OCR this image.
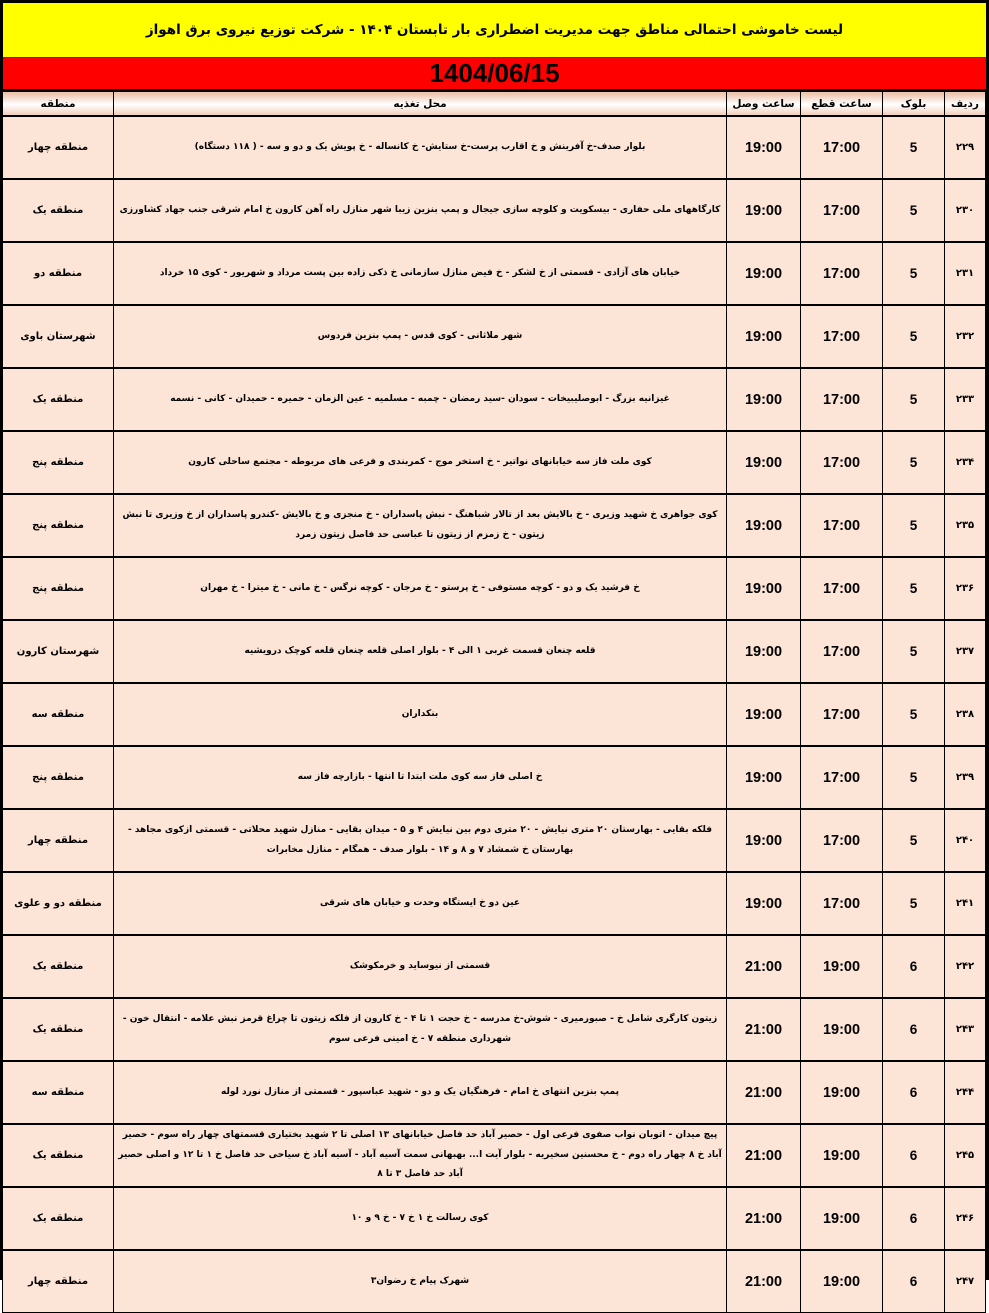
لیست خاموشی احتمالی مناطق جهت مدیریت اضطراری بار تابستان ۱۴۰۴ - شرکت توزیع نیروی برق اهواز
1404/06/15
ردیف	بلوک	ساعت قطع	ساعت وصل	محل تغذیه	منطقه
۲۲۹	5	17:00	19:00	بلوار صدف-خ آفرینش و خ اقارب پرست-خ ستایش- خ کانساله - خ پویش یک و دو و سه - ( ۱۱۸ دستگاه)	منطقه چهار
۲۳۰	5	17:00	19:00	کارگاههای ملی حفاری - بیسکویت و کلوچه سازی جیجال و پمپ بنزین زیبا شهر منازل راه آهن کارون خ امام شرقی جنب جهاد کشاورزی	منطقه یک
۲۳۱	5	17:00	19:00	خیابان های آزادی - قسمتی از خ لشکر - خ فیض منازل سازمانی خ ذکی زاده بین پست مرداد و شهریور - کوی ۱۵ خرداد	منطقه دو
۲۳۲	5	17:00	19:00	شهر ملاثانی - کوی قدس - پمپ بنزین فردوس	شهرستان باوی
۲۳۳	5	17:00	19:00	غیزانیه بزرگ - ابوصلیبیخات - سودان -سید رمضان - چمبه - مسلمیه - عین الزمان - حمیره - حمیدان - کانی - نسمه	منطقه یک
۲۳۴	5	17:00	19:00	کوی ملت فاز سه خیابانهای نواتیر - خ استخر موج - کمربندی و فرعی های مربوطه - مجتمع ساحلی کارون	منطقه پنج
۲۳۵	5	17:00	19:00	کوی جواهری خ شهید وزیری - خ بالایش بعد از تالار شباهنگ - نبش پاسداران - خ منجزی و خ بالایش -کندرو پاسداران از خ وزیری تا نبش زیتون - خ زمزم از زیتون تا عباسی حد فاصل زیتون زمرد	منطقه پنج
۲۳۶	5	17:00	19:00	خ فرشید یک و دو - کوچه مستوفی - خ پرستو - خ مرجان - کوچه نرگس - خ مانی - خ میترا - خ مهران	منطقه پنج
۲۳۷	5	17:00	19:00	قلعه چنعان قسمت غربی ۱ الی ۴ - بلوار اصلی قلعه چنعان قلعه کوچک درویشیه	شهرستان کارون
۲۳۸	5	17:00	19:00	بنکداران	منطقه سه
۲۳۹	5	17:00	19:00	خ اصلی فاز سه کوی ملت ابتدا تا انتها - بازارچه فاز سه	منطقه پنج
۲۴۰	5	17:00	19:00	فلکه بقایی - بهارستان ۲۰ متری نیایش - ۲۰ متری دوم بین نیایش ۴ و ۵ - میدان بقایی - منازل شهید محلاتی - قسمتی ازکوی مجاهد - بهارستان خ شمشاد ۷ و ۸ و ۱۴ - بلوار صدف - همگام - منازل مخابرات	منطقه چهار
۲۴۱	5	17:00	19:00	عین دو خ ایستگاه وحدت و خیابان های شرقی	منطقه دو و علوی
۲۴۲	6	19:00	21:00	قسمتی از نیوساید و خرمکوشک	منطقه یک
۲۴۳	6	19:00	21:00	زیتون کارگری شامل خ - صبورمیری - شوش-خ مدرسه - خ حجت ۱ تا ۴ - خ کارون از فلکه زیتون تا چراغ قرمز نبش علامه - انتقال خون - شهرداری منطقه ۷ - خ امینی فرعی سوم	منطقه یک
۲۴۴	6	19:00	21:00	پمپ بنزین انتهای خ امام - فرهنگیان یک و دو - شهید عباسپور - قسمتی از منازل نورد لوله	منطقه سه
۲۴۵	6	19:00	21:00	پیچ میدان - اتوبان نواب صفوی فرعی اول - حصیر آباد حد فاصل خیابانهای ۱۳ اصلی تا ۲ شهید بختیاری قسمتهای چهار راه سوم - حصیر آباد خ ۸ چهار راه دوم - خ محسنین سخیریه - بلوار آیت ا... بهبهانی سمت آسیه آباد - آسیه آباد خ سیاحی حد فاصل خ ۱ تا ۱۲ و اصلی حصیر آباد حد فاصل ۳ تا ۸	منطقه یک
۲۴۶	6	19:00	21:00	کوی رسالت خ ۱ خ ۷ - خ ۹ و ۱۰	منطقه یک
۲۴۷	6	19:00	21:00	شهرک پیام خ رضوان۳	منطقه چهار
